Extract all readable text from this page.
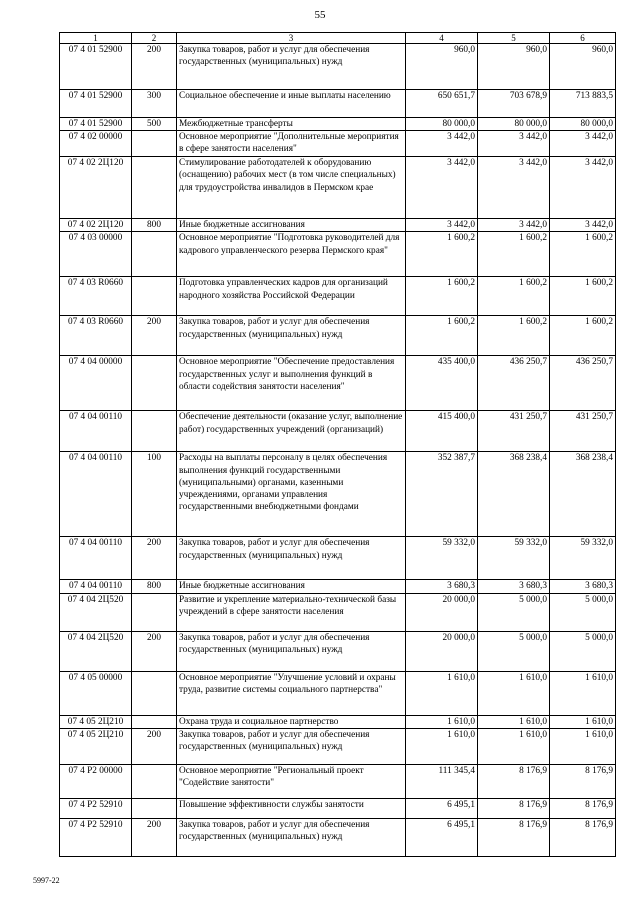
55
1	2	3	4	5	6
07 4 01 52900	200	Закупка товаров, работ и услуг для обеспечения государственных (муниципальных) нужд	960,0	960,0	960,0
07 4 01 52900	300	Социальное обеспечение и иные выплаты населению	650 651,7	703 678,9	713 883,5
07 4 01 52900	500	Межбюджетные трансферты	80 000,0	80 000,0	80 000,0
07 4 02 00000		Основное мероприятие "Дополнительные мероприятия в сфере занятости населения"	3 442,0	3 442,0	3 442,0
07 4 02 2Ц120		Стимулирование работодателей к оборудованию (оснащению) рабочих мест (в том числе специальных) для трудоустройства инвалидов в Пермском крае	3 442,0	3 442,0	3 442,0
07 4 02 2Ц120	800	Иные бюджетные ассигнования	3 442,0	3 442,0	3 442,0
07 4 03 00000		Основное мероприятие "Подготовка руководителей для кадрового управленческого резерва Пермского края"	1 600,2	1 600,2	1 600,2
07 4 03 R0660		Подготовка управленческих кадров для организаций народного хозяйства Российской Федерации	1 600,2	1 600,2	1 600,2
07 4 03 R0660	200	Закупка товаров, работ и услуг для обеспечения государственных (муниципальных) нужд	1 600,2	1 600,2	1 600,2
07 4 04 00000		Основное мероприятие "Обеспечение предоставления государственных услуг и выполнения функций в области содействия занятости населения"	435 400,0	436 250,7	436 250,7
07 4 04 00110		Обеспечение деятельности (оказание услуг, выполнение работ) государственных учреждений (организаций)	415 400,0	431 250,7	431 250,7
07 4 04 00110	100	Расходы на выплаты персоналу в целях обеспечения выполнения функций государственными (муниципальными) органами, казенными учреждениями, органами управления государственными внебюджетными фондами	352 387,7	368 238,4	368 238,4
07 4 04 00110	200	Закупка товаров, работ и услуг для обеспечения государственных (муниципальных) нужд	59 332,0	59 332,0	59 332,0
07 4 04 00110	800	Иные бюджетные ассигнования	3 680,3	3 680,3	3 680,3
07 4 04 2Ц520		Развитие и укрепление материально-технической базы учреждений в сфере занятости населения	20 000,0	5 000,0	5 000,0
07 4 04 2Ц520	200	Закупка товаров, работ и услуг для обеспечения государственных (муниципальных) нужд	20 000,0	5 000,0	5 000,0
07 4 05 00000		Основное мероприятие "Улучшение условий и охраны труда, развитие системы социального партнерства"	1 610,0	1 610,0	1 610,0
07 4 05 2Ц210		Охрана труда и социальное партнерство	1 610,0	1 610,0	1 610,0
07 4 05 2Ц210	200	Закупка товаров, работ и услуг для обеспечения государственных (муниципальных) нужд	1 610,0	1 610,0	1 610,0
07 4 P2 00000		Основное мероприятие "Региональный проект "Содействие занятости"	111 345,4	8 176,9	8 176,9
07 4 P2 52910		Повышение эффективности службы занятости	6 495,1	8 176,9	8 176,9
07 4 P2 52910	200	Закупка товаров, работ и услуг для обеспечения государственных (муниципальных) нужд	6 495,1	8 176,9	8 176,9
5997-22
